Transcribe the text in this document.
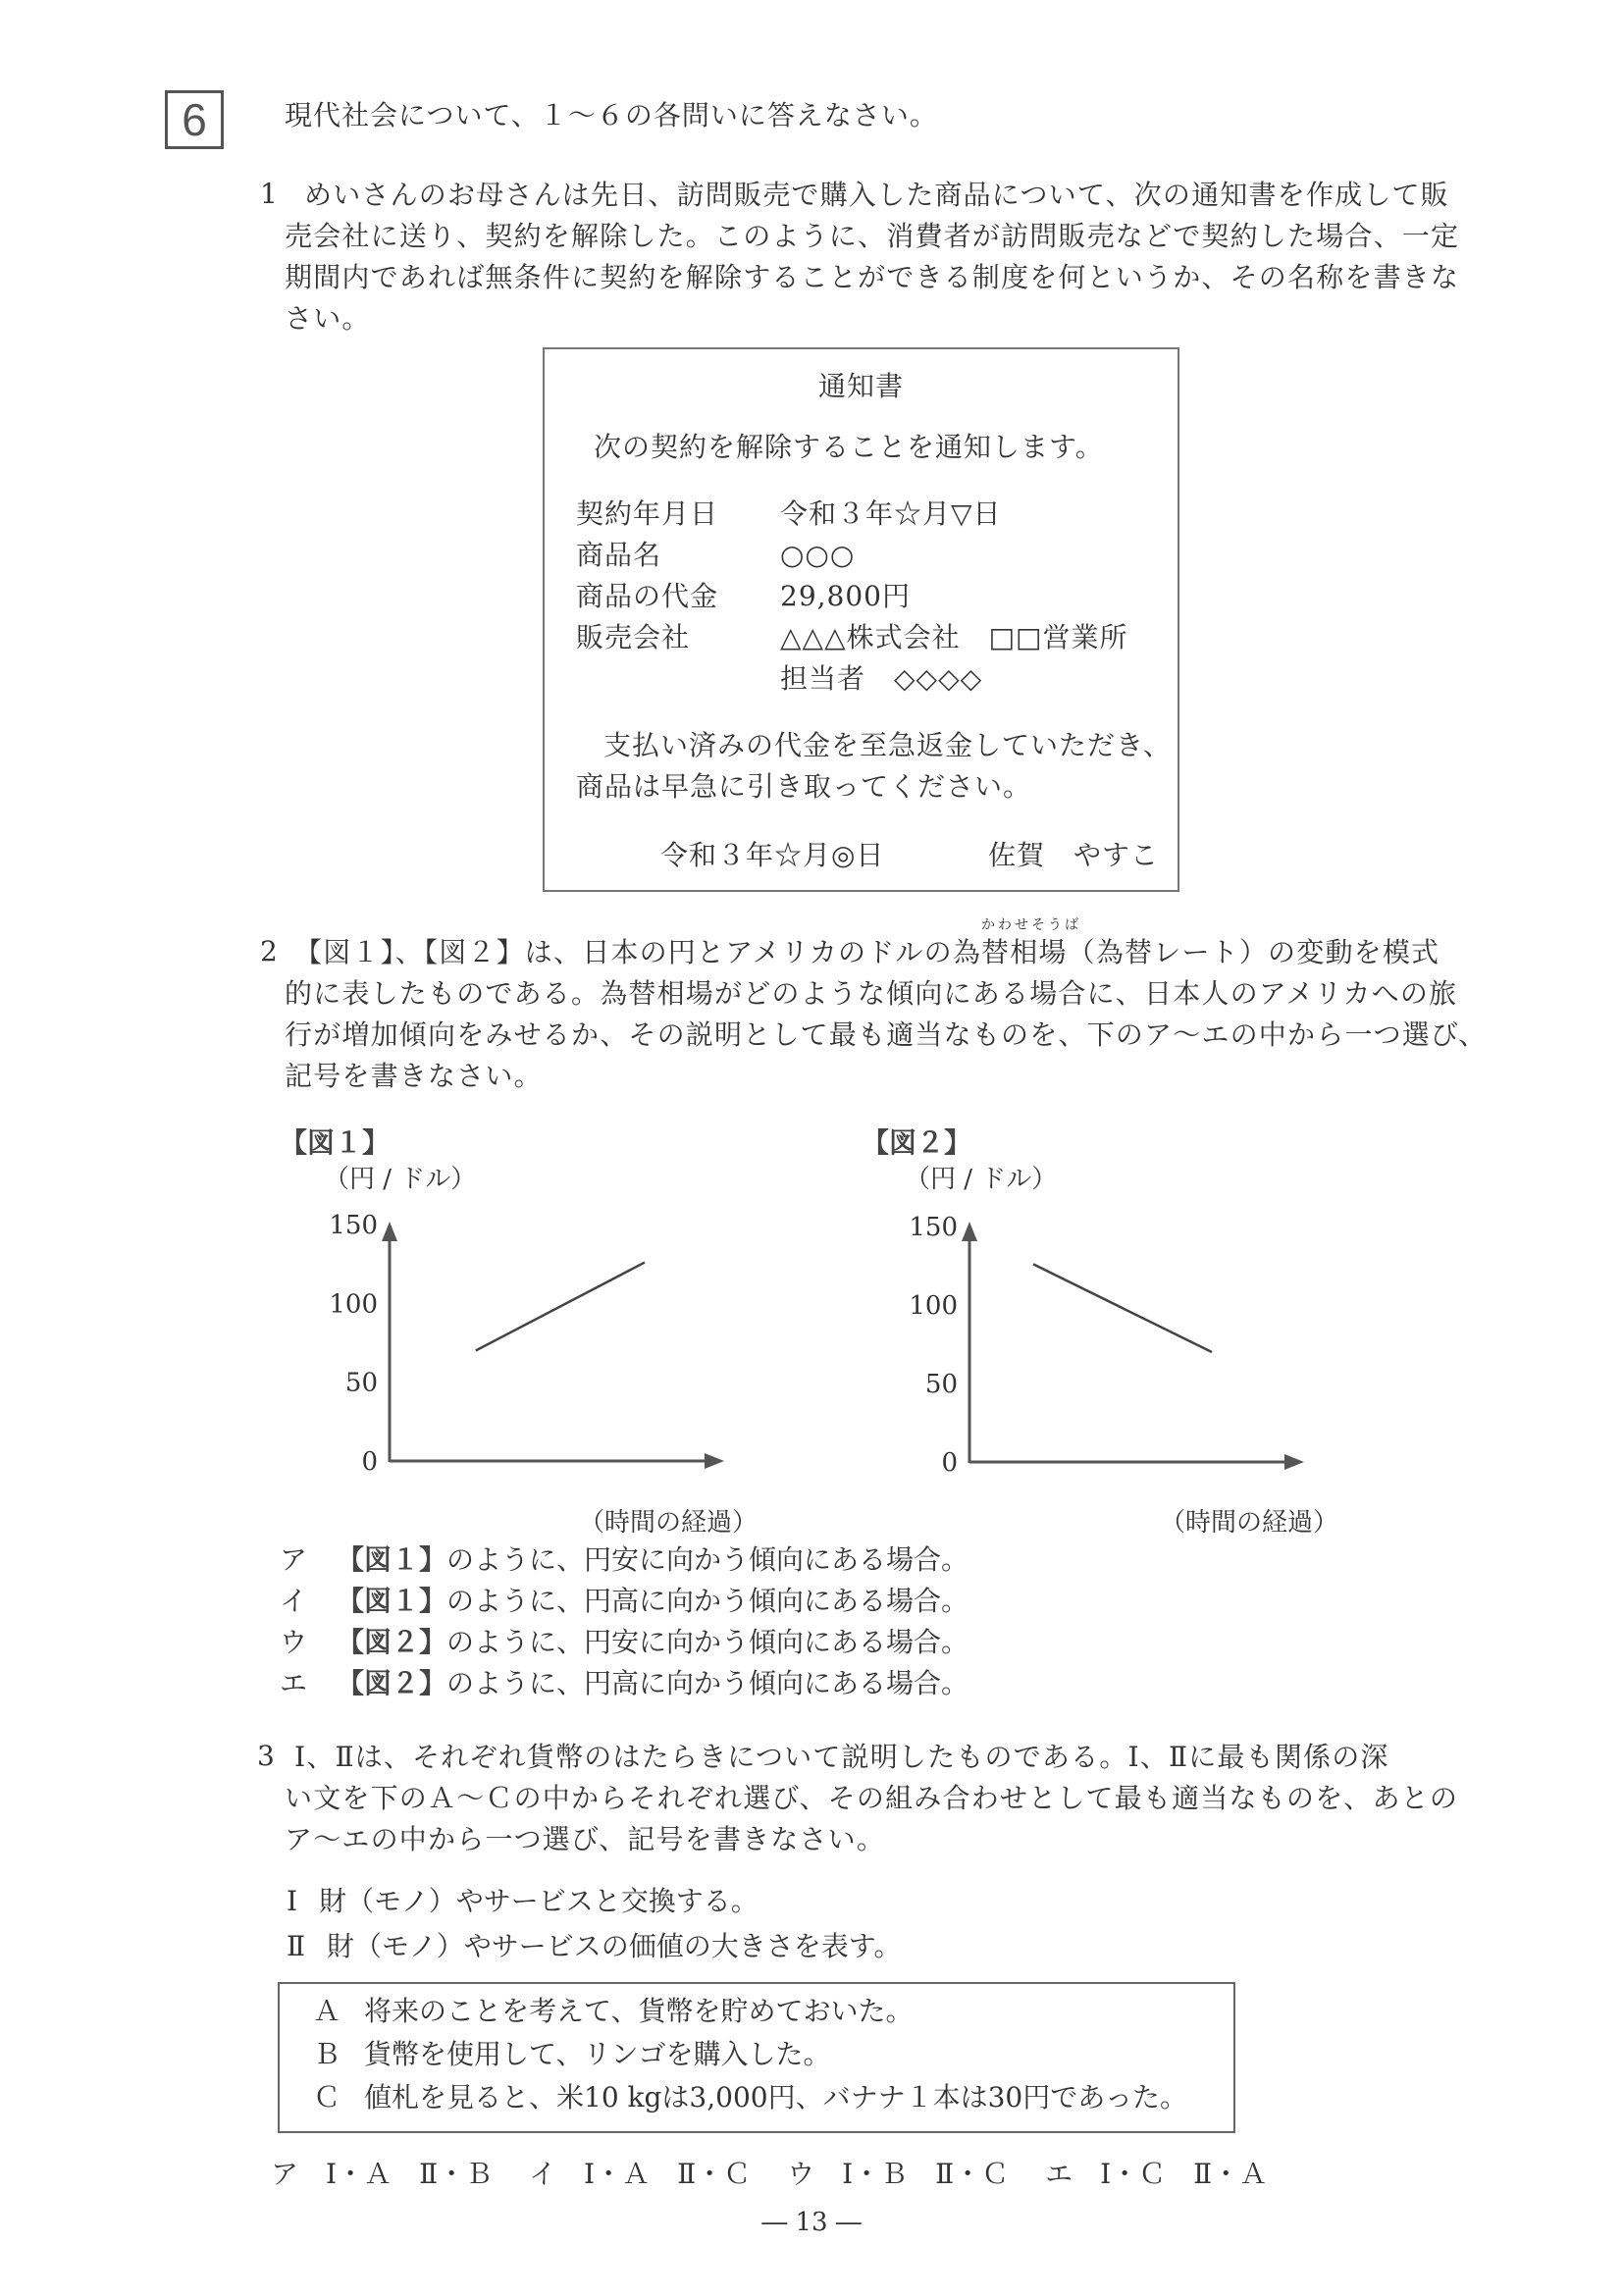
6	現代社会について、１～６の各問いに答えなさい。
1 めいさんのお母さんは先日、訪問販売で購入した商品について、次の通知書を作成して販
売会社に送り、契約を解除した。このように、消費者が訪問販売などで契約した場合、一定
期間内であれば無条件に契約を解除することができる制度を何というか、その名称を書きな
さい。
通知書
次の契約を解除することを通知します。
契約年月日 令和３年☆月▽日
商品名	○○○
商品の代金 29,800円
販売会社	△△△株式会社　□□営業所
担当者　◇◇◇◇
支払い済みの代金を至急返金していただき、
商品は早急に引き取ってください。
令和３年☆月◎日	佐賀　やすこ
かわせそうば
2 【図１】、【図２】は、日本の円とアメリカのドルの為替相場（為替レート）の変動を模式
的に表したものである。為替相場がどのような傾向にある場合に、日本人のアメリカへの旅
行が増加傾向をみせるか、その説明として最も適当なものを、下のア～エの中から一つ選び、
記号を書きなさい。
【図１】
（円 / ドル）
0
50
100
150
（時間の経過）
【図２】
（円 / ドル）
0
50
100
150
（時間の経過）
ア 【図１】のように、円安に向かう傾向にある場合。
イ 【図１】のように、円高に向かう傾向にある場合。
ウ 【図２】のように、円安に向かう傾向にある場合。
エ 【図２】のように、円高に向かう傾向にある場合。
3 Ⅰ、Ⅱは、それぞれ貨幣のはたらきについて説明したものである。Ⅰ、Ⅱに最も関係の深
い文を下のＡ～Ｃの中からそれぞれ選び、その組み合わせとして最も適当なものを、あとの
ア～エの中から一つ選び、記号を書きなさい。
Ⅰ 財（モノ）やサービスと交換する。
Ⅱ 財（モノ）やサービスの価値の大きさを表す。
Ａ 将来のことを考えて、貨幣を貯めておいた。
Ｂ 貨幣を使用して、リンゴを購入した。
Ｃ 値札を見ると、米10 kgは3,000円、バナナ１本は30円であった。
ア Ⅰ・Ａ Ⅱ・Ｂ イ Ⅰ・Ａ Ⅱ・Ｃ ウ Ⅰ・Ｂ Ⅱ・Ｃ エ Ⅰ・Ｃ Ⅱ・Ａ
― 13 ―
